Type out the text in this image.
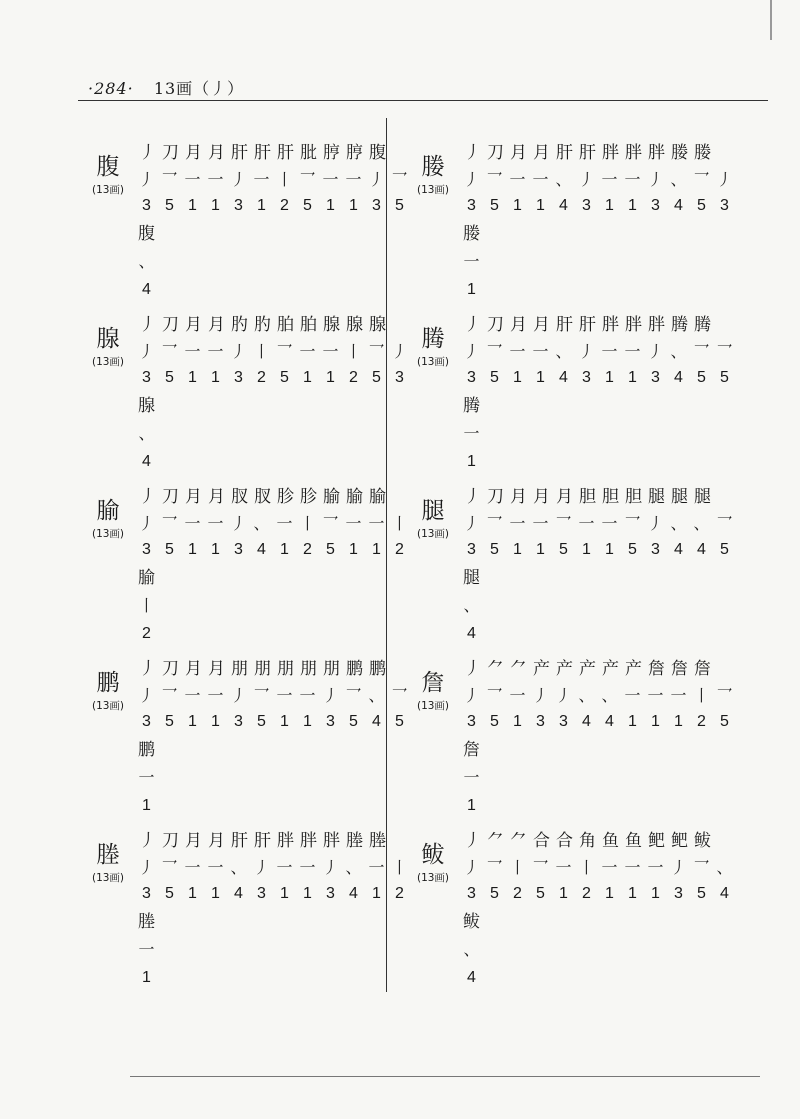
·284· 13画（丿）
腹
(13画)
丿 刀 月 月 肝 肝 肝 肶 脝 脝 腹
丿 乛 一 一 丿 一 丨 乛 一 一 丿 乛
3 5 1 1 3 1 2 5 1 1 3 5
腹
、
4
腺
(13画)
丿 刀 月 月 肑 肑 胉 胉 腺 腺 腺
丿 乛 一 一 丿 丨 乛 一 一 丨 乛 丿
3 5 1 1 3 2 5 1 1 2 5 3
腺
、
4
腧
(13画)
丿 刀 月 月 肞 肞 胗 胗 腧 腧 腧
丿 乛 一 一 丿 、 一 丨 乛 一 一 丨
3 5 1 1 3 4 1 2 5 1 1 2
腧
丨
2
鹏
(13画)
丿 刀 月 月 朋 朋 朋 朋 朋 鹏 鹏
丿 乛 一 一 丿 乛 一 一 丿 乛 、 乛
3 5 1 1 3 5 1 1 3 5 4 5
鹏
一
1
塍
(13画)
丿 刀 月 月 肝 肝 胖 胖 胖 塍 塍
丿 乛 一 一 、 丿 一 一 丿 、 一 丨
3 5 1 1 4 3 1 1 3 4 1 2
塍
一
1
媵
(13画)
丿 刀 月 月 肝 肝 胖 胖 胖 媵 媵
丿 乛 一 一 、 丿 一 一 丿 、 乛 丿
3 5 1 1 4 3 1 1 3 4 5 3
媵
一
1
腾
(13画)
丿 刀 月 月 肝 肝 胖 胖 胖 腾 腾
丿 乛 一 一 、 丿 一 一 丿 、 乛 乛
3 5 1 1 4 3 1 1 3 4 5 5
腾
一
1
腿
(13画)
丿 刀 月 月 月 胆 胆 胆 腿 腿 腿
丿 乛 一 一 乛 一 一 乛 丿 、 、 乛
3 5 1 1 5 1 1 5 3 4 4 5
腿
、
4
詹
(13画)
丿 ⺈ ⺈ 产 产 产 产 产 詹 詹 詹
丿 乛 一 丿 丿 、 、 一 一 一 丨 乛
3 5 1 3 3 4 4 1 1 1 2 5
詹
一
1
鲅
(13画)
丿 ⺈ ⺈ 合 合 角 鱼 鱼 鲃 鲃 鲅
丿 乛 丨 乛 一 丨 一 一 一 丿 乛 、
3 5 2 5 1 2 1 1 1 3 5 4
鲅
、
4
